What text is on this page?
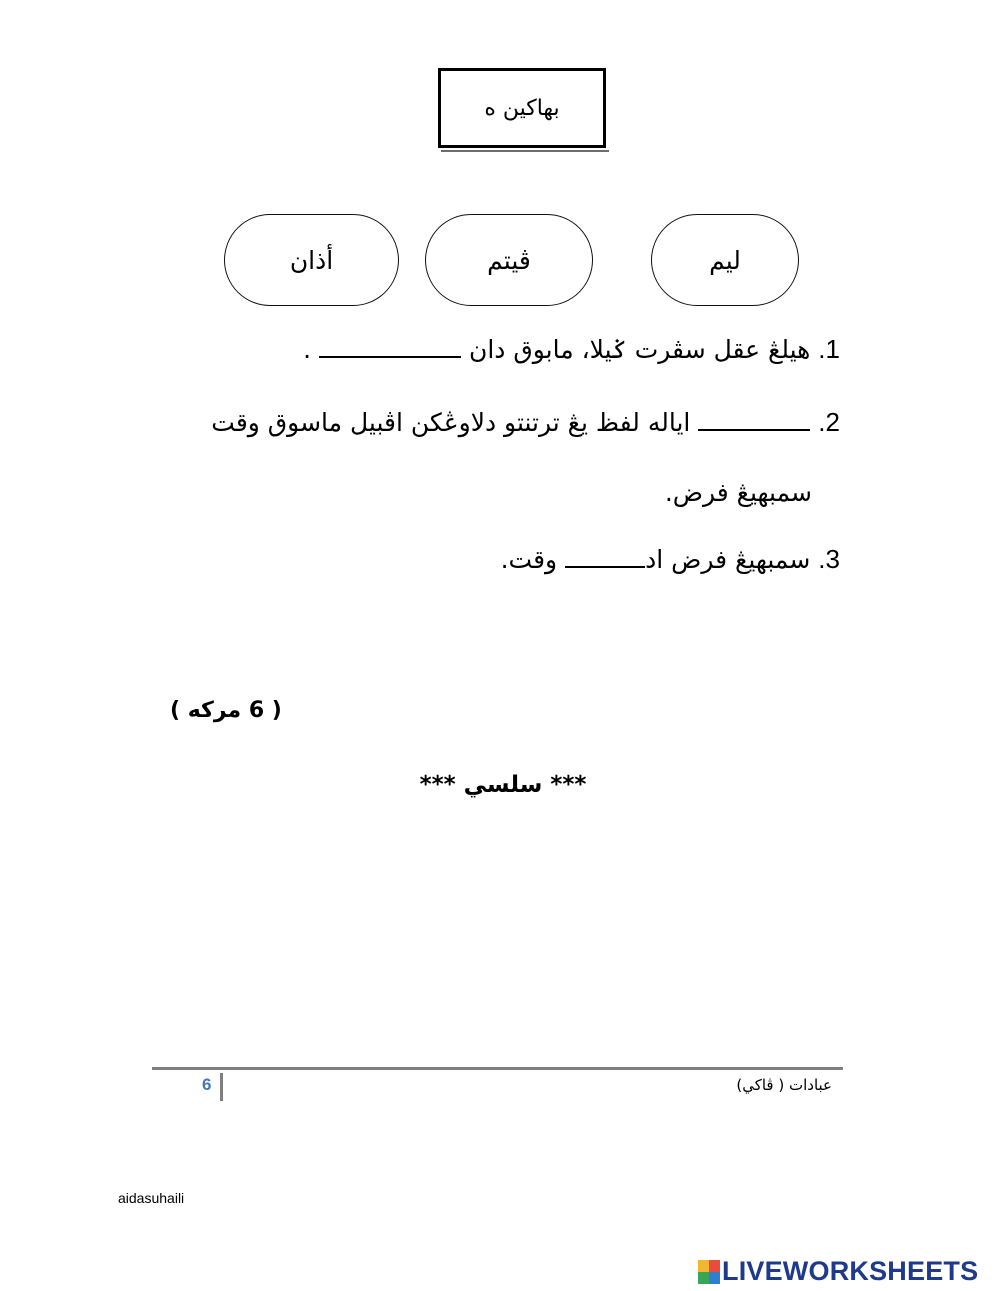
بهاكين ه
ليم
ڤيتم
أذان
1. هيلڠ عقل سڤرت ݢيلا، مابوق دان  .
2.  اياله لفظ يڠ ترتنتو دلاوڠكن اڤبيل ماسوق وقت
سمبهيڠ فرض.
3. سمبهيڠ فرض اد وقت.
( 6 مركه )
*** سلسي ***
6	عبادات ( ڤاکي)
aidasuhaili
LIVEWORKSHEETS
